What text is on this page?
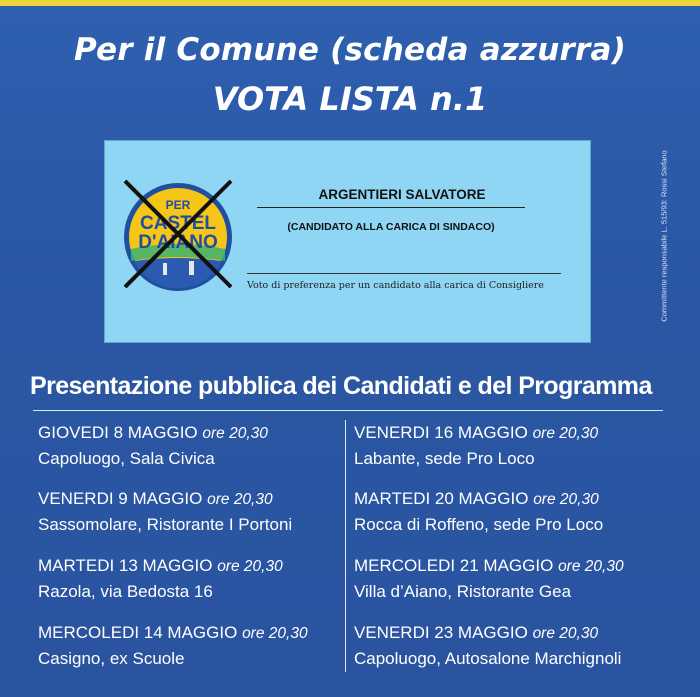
Per il Comune (scheda azzurra)
VOTA LISTA n.1
PER
CASTEL
D'AIANO
ARGENTIERI SALVATORE
(CANDIDATO ALLA CARICA DI SINDACO)
Voto di preferenza per un candidato alla carica di Consigliere	Committente responsabile L. 515/93: Rossi Stefano
Presentazione pubblica dei Candidati e del Programma
GIOVEDI 8 MAGGIO ore 20,30
Capoluogo, Sala Civica
VENERDI 9 MAGGIO ore 20,30
Sassomolare, Ristorante I Portoni
MARTEDI 13 MAGGIO ore 20,30
Razola, via Bedosta 16
MERCOLEDI 14 MAGGIO ore 20,30
Casigno, ex Scuole
VENERDI 16 MAGGIO ore 20,30
Labante, sede Pro Loco
MARTEDI 20 MAGGIO ore 20,30
Rocca di Roffeno, sede Pro Loco
MERCOLEDI 21 MAGGIO ore 20,30
Villa d’Aiano, Ristorante Gea
VENERDI 23 MAGGIO ore 20,30
Capoluogo, Autosalone Marchignoli
